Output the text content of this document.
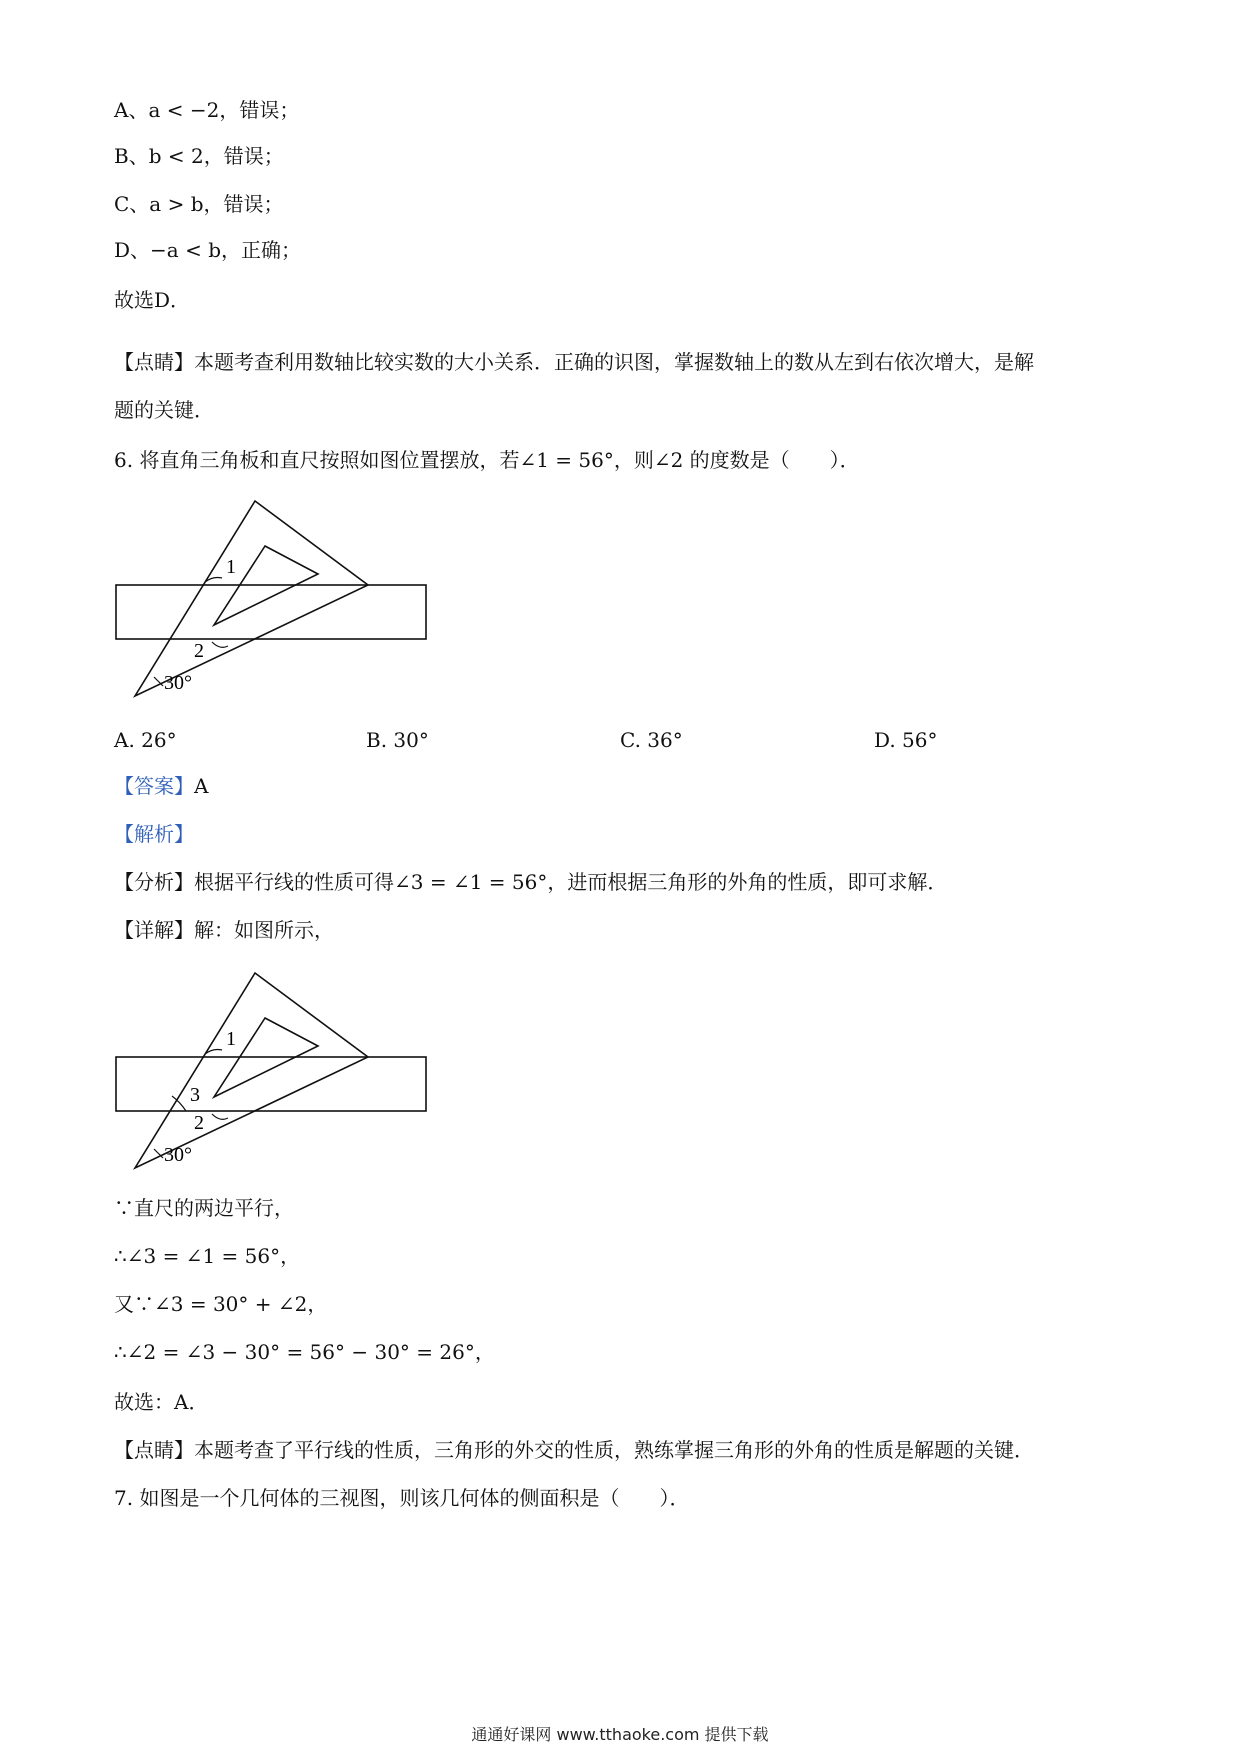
A、a < −2，错误；
B、b < 2，错误；
C、a > b，错误；
D、−a < b，正确；
故选D．
【点睛】本题考查利用数轴比较实数的大小关系．正确的识图，掌握数轴上的数从左到右依次增大，是解
题的关键．
6. 将直角三角板和直尺按照如图位置摆放，若∠1 = 56°，则∠2 的度数是（　　）．
1
2
30°
A. 26°	B. 30°	C. 36°	D. 56°
【答案】A
【解析】
【分析】根据平行线的性质可得∠3 = ∠1 = 56°，进而根据三角形的外角的性质，即可求解．
【详解】解：如图所示，
1
3
2
30°
∵直尺的两边平行，
∴∠3 = ∠1 = 56°，
又∵∠3 = 30° + ∠2，
∴∠2 = ∠3 − 30° = 56° − 30° = 26°，
故选：A．
【点睛】本题考查了平行线的性质，三角形的外交的性质，熟练掌握三角形的外角的性质是解题的关键．
7. 如图是一个几何体的三视图，则该几何体的侧面积是（　　）．
通通好课网 www.tthaoke.com 提供下载
